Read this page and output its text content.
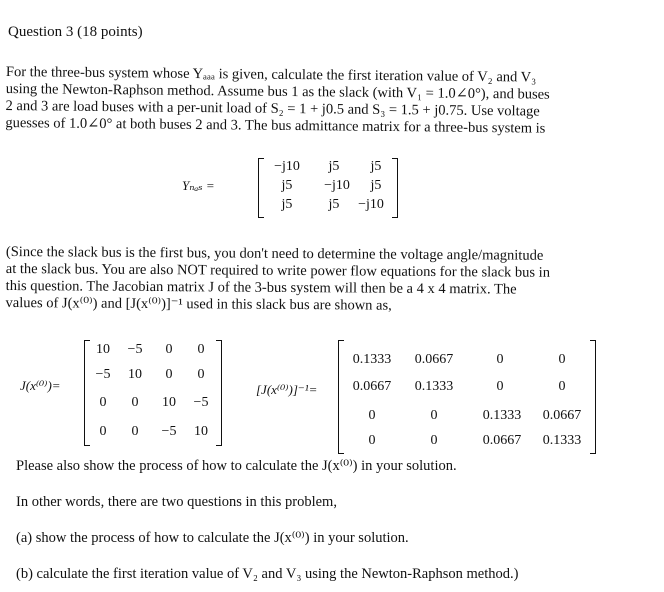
Question 3 (18 points)
For the three-bus system whose Yₐₐₐ is given, calculate the first iteration value of V₂ and V₃
using the Newton-Raphson method. Assume bus 1 as the slack (with V₁ = 1.0∠0°), and buses
2 and 3 are load buses with a per-unit load of S₂ = 1 + j0.5 and S₃ = 1.5 + j0.75. Use voltage
guesses of 1.0∠0° at both buses 2 and 3. The bus admittance matrix for a three-bus system is
Yₙₐₛ =
−j10	j5	j5
j5	−j10	j5
j5	j5	−j10
(Since the slack bus is the first bus, you don't need to determine the voltage angle/magnitude
at the slack bus. You are also NOT required to write power flow equations for the slack bus in
this question. The Jacobian matrix J of the 3-bus system will then be a 4 x 4 matrix. The
values of J(x⁽⁰⁾) and [J(x⁽⁰⁾)]⁻¹ used in this slack bus are shown as,
J(x⁽⁰⁾)=
10	−5	0	0
−5	10	0	0
0	0	10	−5
0	0	−5	10
[J(x⁽⁰⁾)]⁻¹=
0.1333	0.0667	0	0
0.0667	0.1333	0	0
0	0	0.1333	0.0667
0	0	0.0667	0.1333
Please also show the process of how to calculate the J(x⁽⁰⁾) in your solution.
In other words, there are two questions in this problem,
(a) show the process of how to calculate the J(x⁽⁰⁾) in your solution.
(b) calculate the first iteration value of V₂ and V₃ using the Newton-Raphson method.)
